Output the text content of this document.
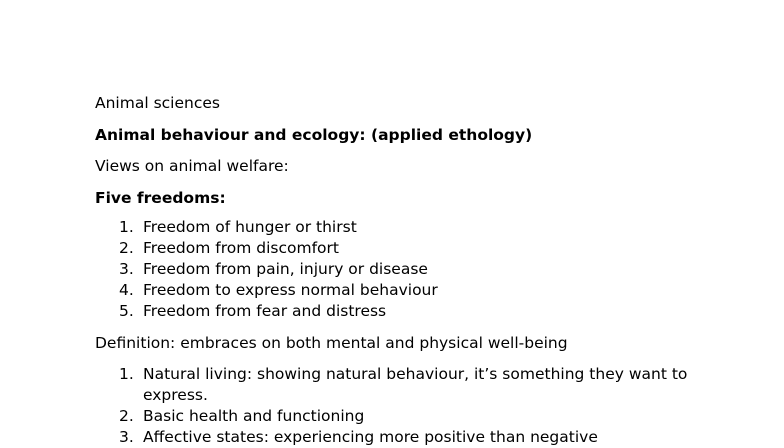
Animal sciences

Animal behaviour and ecology: (applied ethology)

Views on animal welfare:

Five freedoms:

1. Freedom of hunger or thirst
2. Freedom from discomfort
3. Freedom from pain, injury or disease
4. Freedom to express normal behaviour
5. Freedom from fear and distress

Definition: embraces on both mental and physical well-being

1. Natural living: showing natural behaviour, it’s something they want to express.
2. Basic health and functioning
3. Affective states: experiencing more positive than negative
